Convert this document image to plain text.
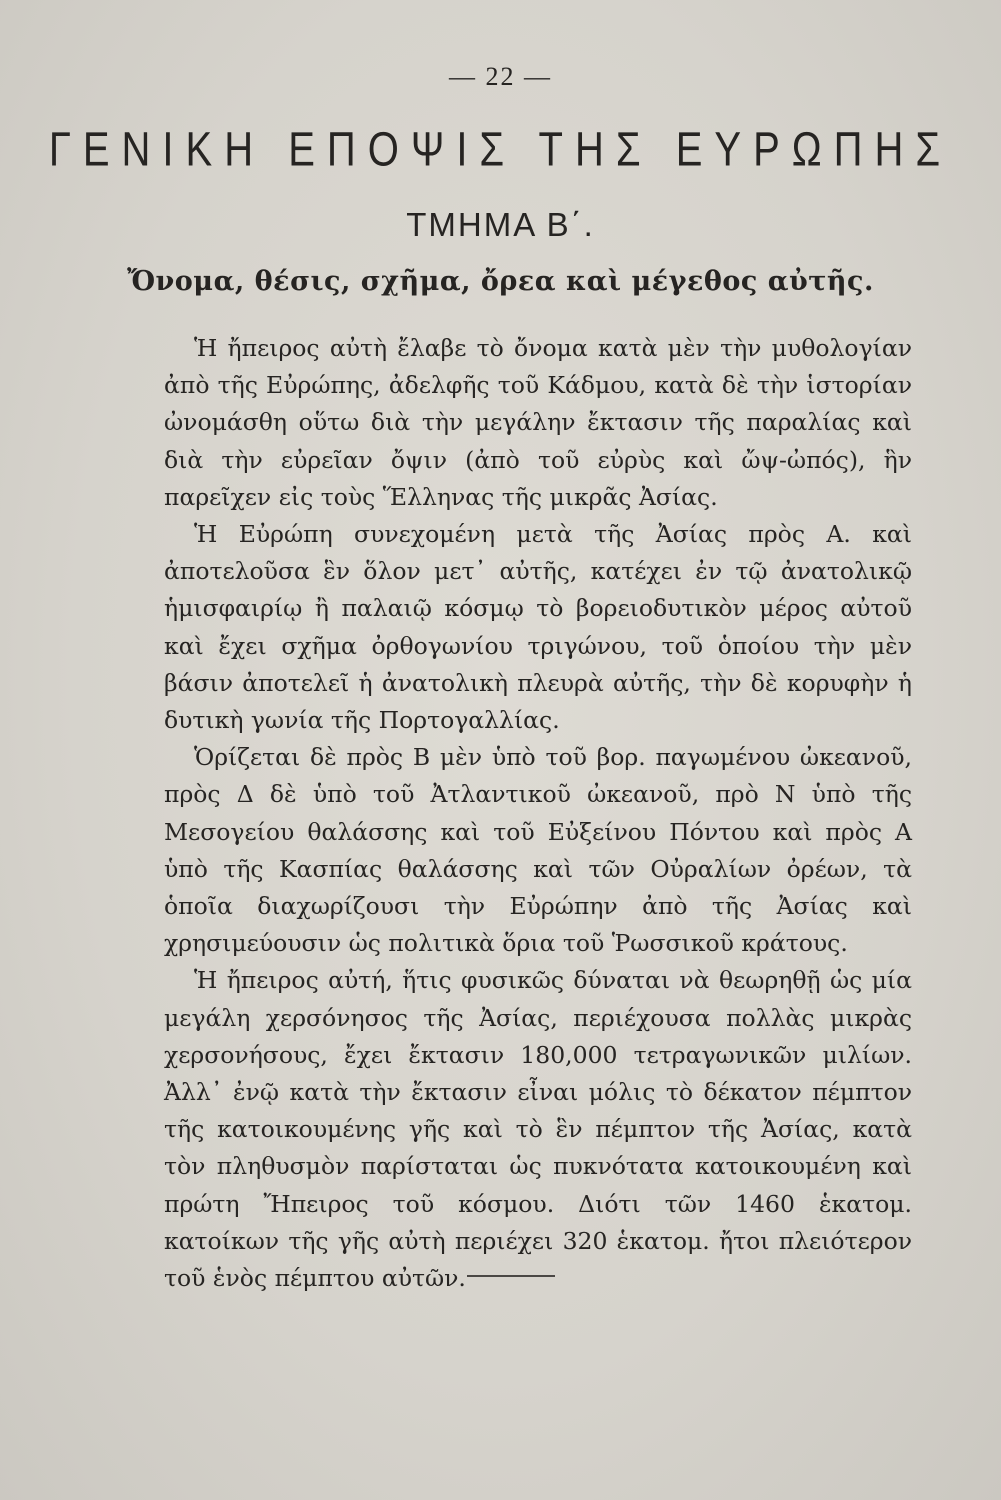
— 22 —
ΓΕΝΙΚΗ ΕΠΟΨΙΣ ΤΗΣ ΕΥΡΩΠΗΣ
ΤΜΗΜΑ Β΄.
Ὄνομα, θέσις, σχῆμα, ὄρεα καὶ μέγεθος αὐτῆς.

Ἡ ἤπειρος αὐτὴ ἔλαβε τὸ ὄνομα κατὰ μὲν τὴν μυθολογίαν ἀπὸ τῆς Εὐρώπης, ἀδελφῆς τοῦ Κάδμου, κατὰ δὲ τὴν ἱστορίαν ὠνομάσθη οὕτω διὰ τὴν μεγάλην ἔκτασιν τῆς παραλίας καὶ διὰ τὴν εὐρεῖαν ὄψιν (ἀπὸ τοῦ εὐρὺς καὶ ὤψ-ὠπός), ἣν παρεῖχεν εἰς τοὺς Ἕλληνας τῆς μικρᾶς Ἀσίας.

Ἡ Εὐρώπη συνεχομένη μετὰ τῆς Ἀσίας πρὸς Α. καὶ ἀποτελοῦσα ἓν ὅλον μετ᾽ αὐτῆς, κατέχει ἐν τῷ ἀνατολικῷ ἡμισφαιρίῳ ἢ παλαιῷ κόσμῳ τὸ βορειοδυτικὸν μέρος αὐτοῦ καὶ ἔχει σχῆμα ὀρθογωνίου τριγώνου, τοῦ ὁποίου τὴν μὲν βάσιν ἀποτελεῖ ἡ ἀνατολικὴ πλευρὰ αὐτῆς, τὴν δὲ κορυφὴν ἡ δυτικὴ γωνία τῆς Πορτογαλλίας.

Ὁρίζεται δὲ πρὸς Β μὲν ὑπὸ τοῦ βορ. παγωμένου ὠκεανοῦ, πρὸς Δ δὲ ὑπὸ τοῦ Ἀτλαντικοῦ ὠκεανοῦ, πρὸ Ν ὑπὸ τῆς Μεσογείου θαλάσσης καὶ τοῦ Εὐξείνου Πόντου καὶ πρὸς Α ὑπὸ τῆς Κασπίας θαλάσσης καὶ τῶν Οὐραλίων ὀρέων, τὰ ὁποῖα διαχωρίζουσι τὴν Εὐρώπην ἀπὸ τῆς Ἀσίας καὶ χρησιμεύουσιν ὡς πολιτικὰ ὅρια τοῦ Ῥωσσικοῦ κράτους.

Ἡ ἤπειρος αὐτή, ἥτις φυσικῶς δύναται νὰ θεωρηθῇ ὡς μία μεγάλη χερσόνησος τῆς Ἀσίας, περιέχουσα πολλὰς μικρὰς χερσονήσους, ἔχει ἔκτασιν 180,000 τετραγωνικῶν μιλίων. Ἀλλ᾽ ἐνῷ κατὰ τὴν ἔκτασιν εἶναι μόλις τὸ δέκατον πέμπτον τῆς κατοικουμένης γῆς καὶ τὸ ἓν πέμπτον τῆς Ἀσίας, κατὰ τὸν πληθυσμὸν παρίσταται ὡς πυκνότατα κατοικουμένη καὶ πρώτη Ἤπειρος τοῦ κόσμου. Διότι τῶν 1460 ἑκατομ. κατοίκων τῆς γῆς αὐτὴ περιέχει 320 ἑκατομ. ἤτοι πλειότερον τοῦ ἑνὸς πέμπτου αὐτῶν.
